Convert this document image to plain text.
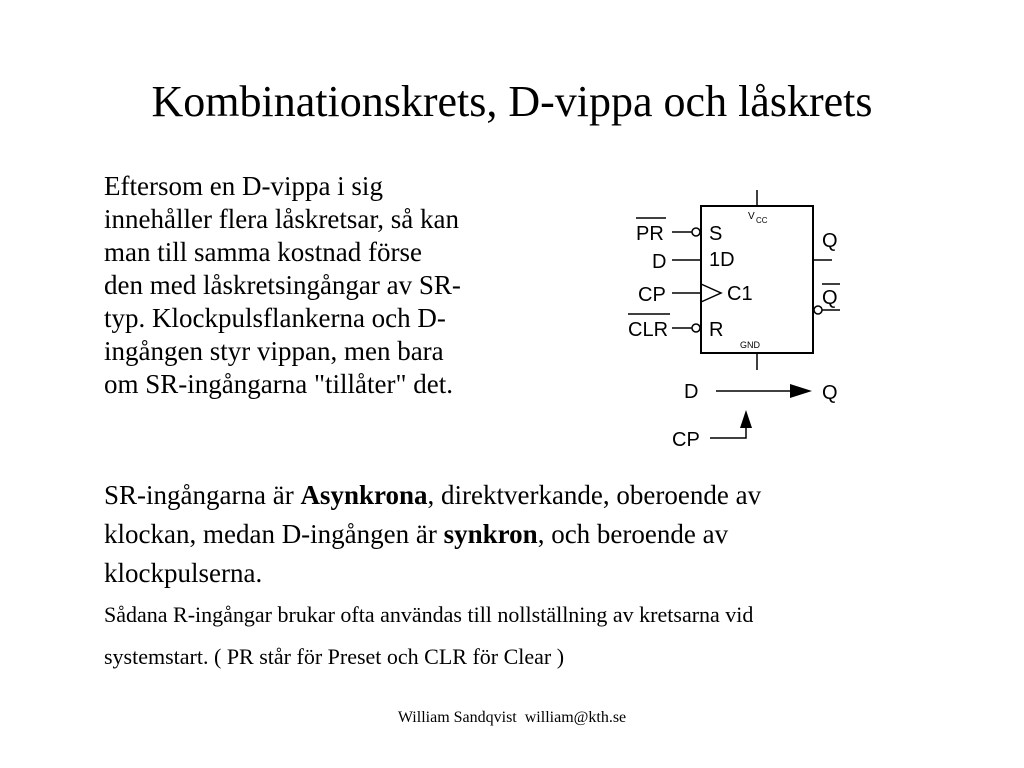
Kombinationskrets, D-vippa och låskrets
Eftersom en D-vippa i sig
innehåller flera låskretsar, så kan
man till samma kostnad förse
den med låskretsingångar av SR-
typ. Klockpulsflankerna och D-
ingången styr vippan, men bara
om SR-ingångarna "tillåter" det.
PR
D
CP
CLR
S
1D
C1
R
V CC
GND
Q
Q
D	Q
CP
SR-ingångarna är Asynkrona, direktverkande, oberoende av
klockan, medan D-ingången är synkron, och beroende av
klockpulserna.
Sådana R-ingångar brukar ofta användas till nollställning av kretsarna vid
systemstart. ( PR står för Preset och CLR för Clear )
William Sandqvist  william@kth.se
